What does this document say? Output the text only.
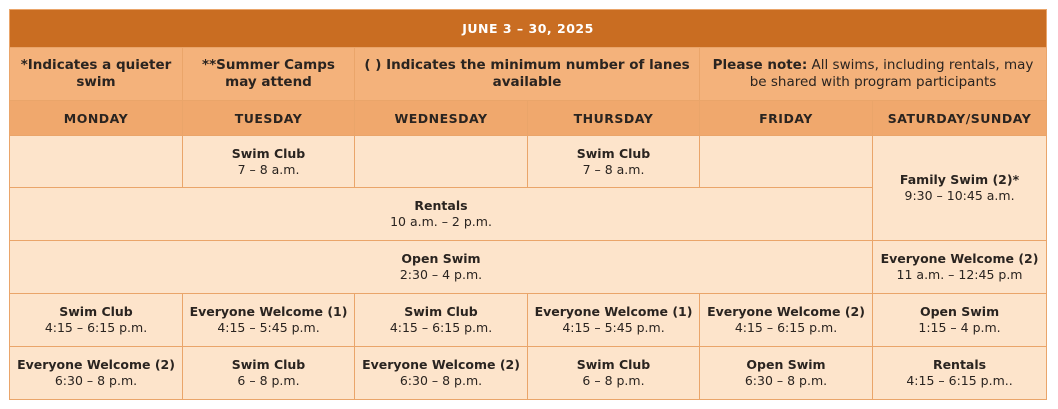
JUNE 3 – 30, 2025					
*Indicates a quieter swim	**Summer Camps may attend	( ) Indicates the minimum number of lanes available		Please note: All swims, including rentals, may be shared with program participants	
MONDAY	TUESDAY	WEDNESDAY	THURSDAY	FRIDAY	SATURDAY/SUNDAY

	Swim Club
7 – 8 a.m.		Swim Club
7 – 8 a.m.		Family Swim (2)*
9:30 – 10:45 a.m.

Rentals
10 a.m. – 2 p.m.					

Open Swim
2:30 – 4 p.m.					Everyone Welcome (2)
11 a.m. – 12:45 p.m

Swim Club
4:15 – 6:15 p.m.	Everyone Welcome (1)
4:15 – 5:45 p.m.	Swim Club
4:15 – 6:15 p.m.	Everyone Welcome (1)
4:15 – 5:45 p.m.	Everyone Welcome (2)
4:15 – 6:15 p.m.	Open Swim
1:15 – 4 p.m.

Everyone Welcome (2)
6:30 – 8 p.m.	Swim Club
6 – 8 p.m.	Everyone Welcome (2)
6:30 – 8 p.m.	Swim Club
6 – 8 p.m.	Open Swim
6:30 – 8 p.m.	Rentals
4:15 – 6:15 p.m..
